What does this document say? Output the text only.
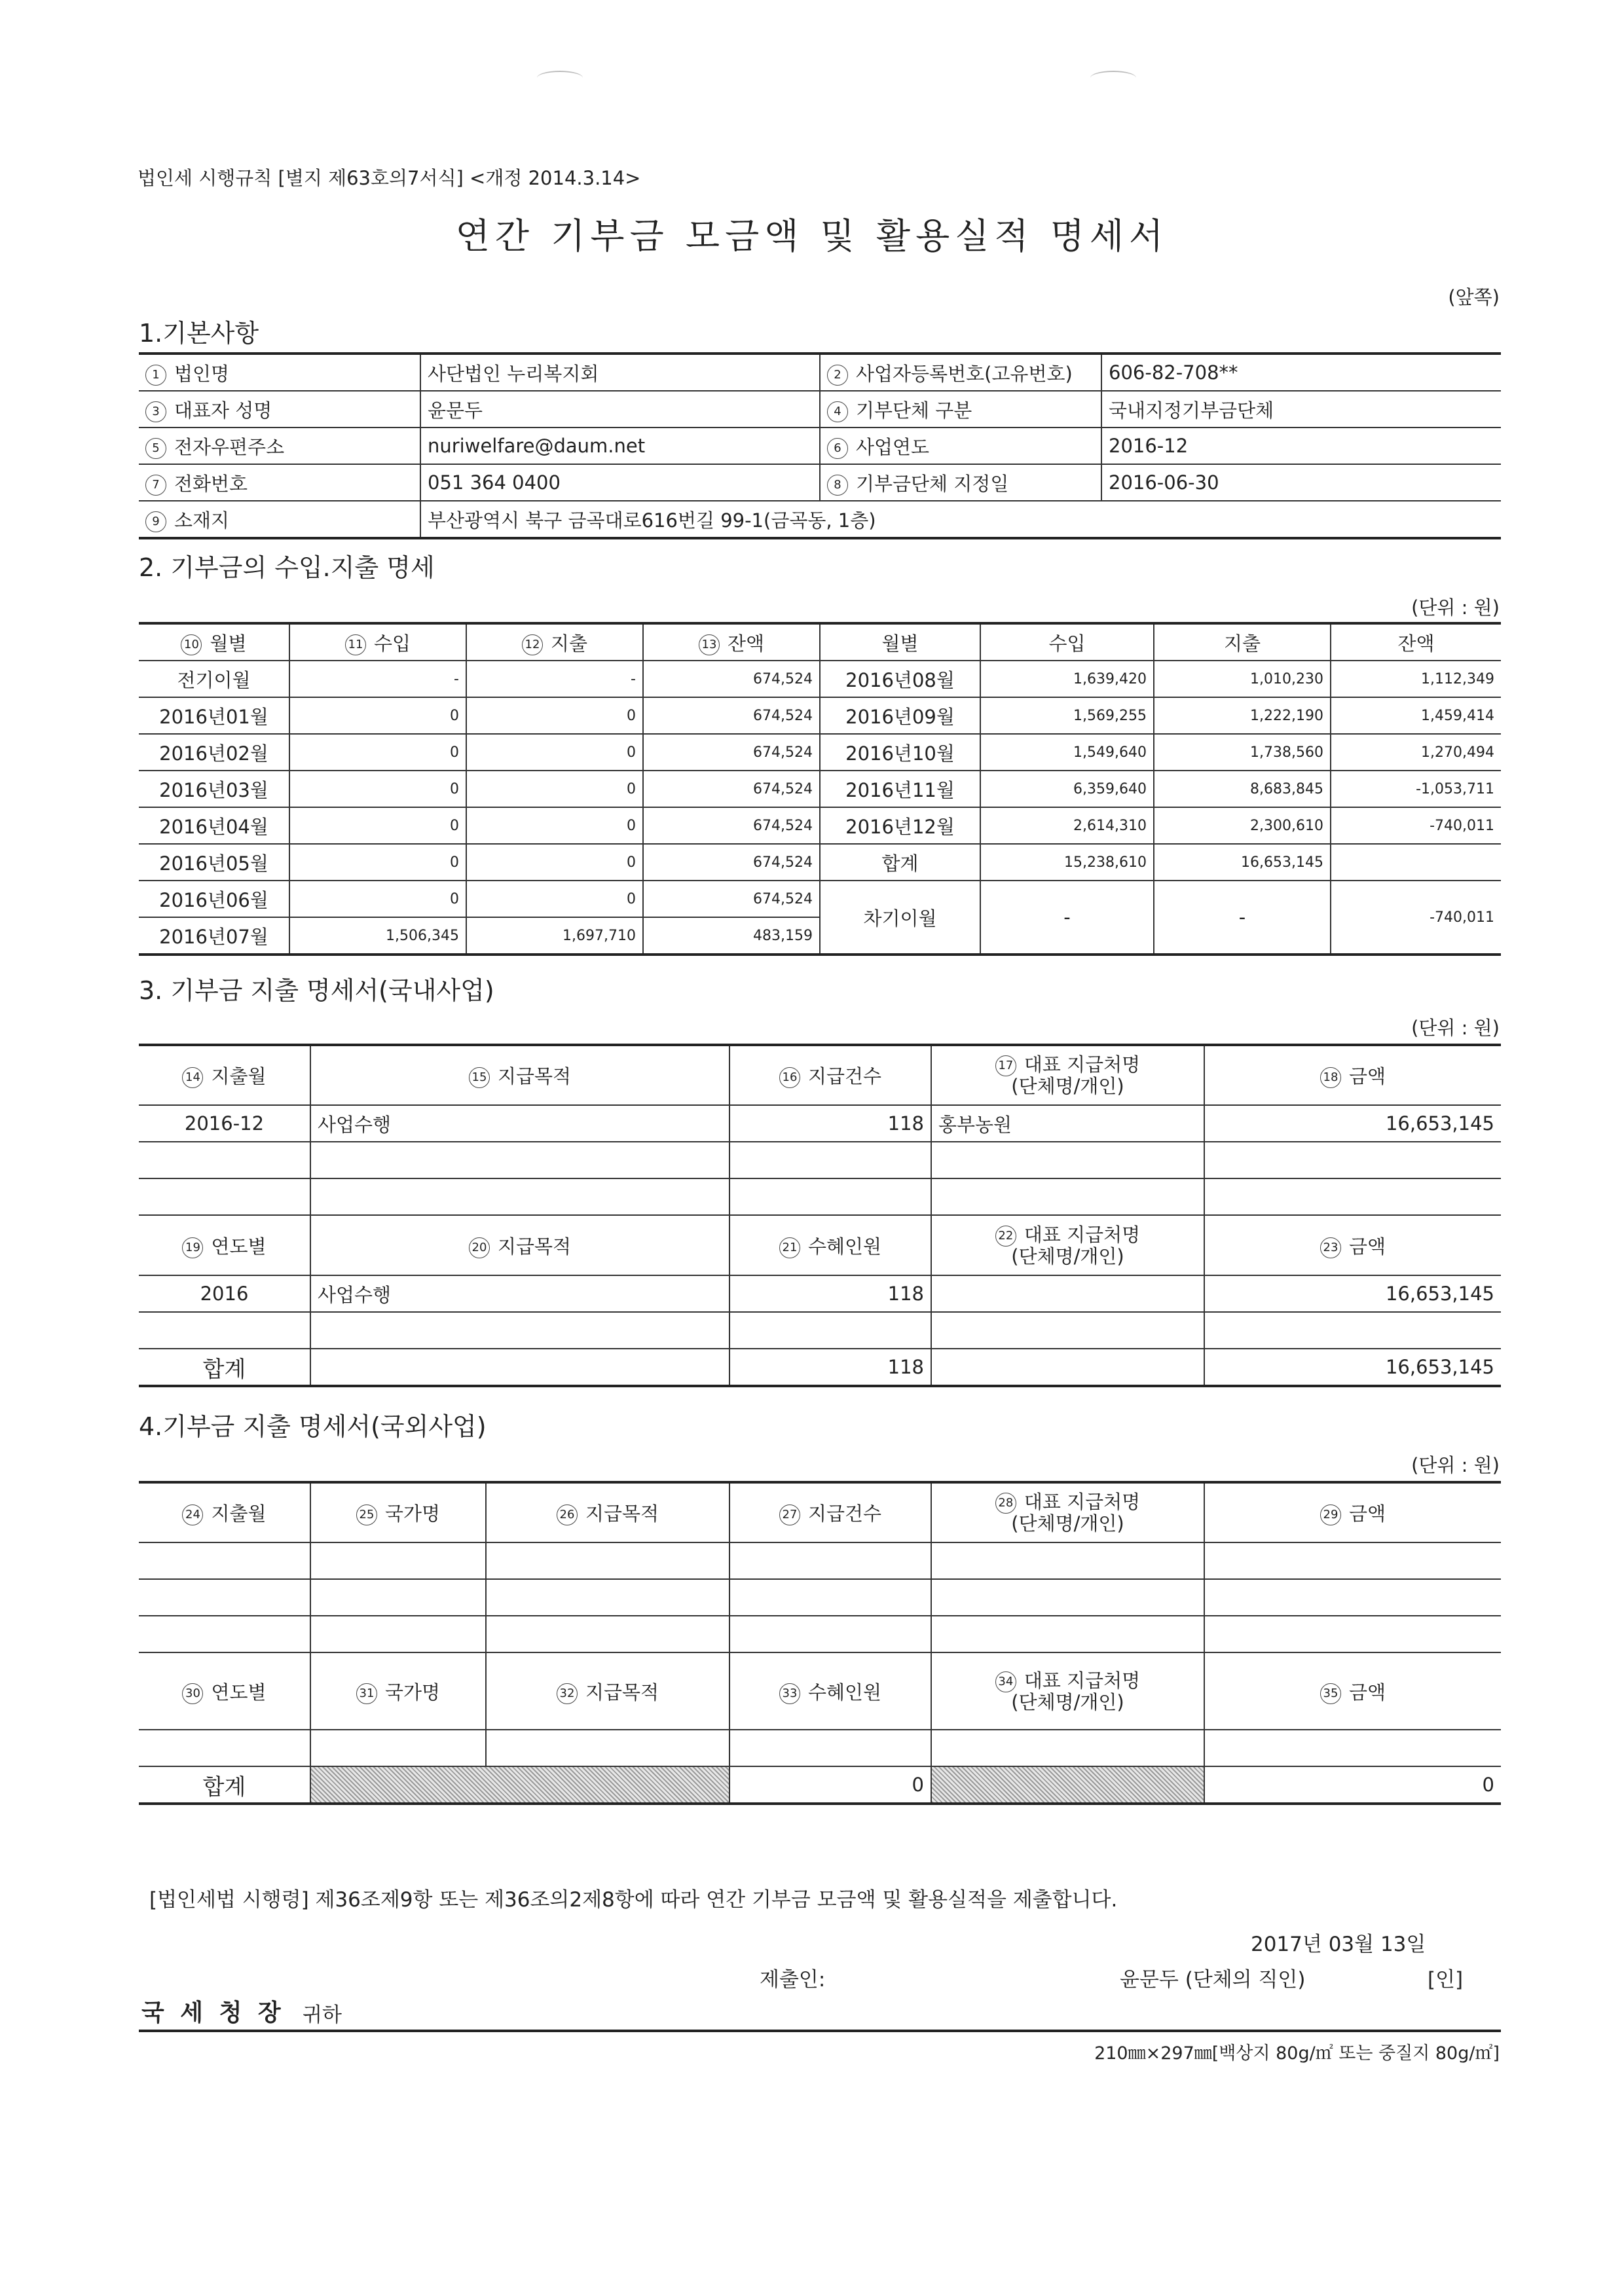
법인세 시행규칙 [별지 제63호의7서식] <개정 2014.3.14>
연간 기부금 모금액 및 활용실적 명세서
(앞쪽)
1.기본사항
1 법인명	사단법인 누리복지회	2 사업자등록번호(고유번호)	606-82-708**
3 대표자 성명	윤문두	4 기부단체 구분	국내지정기부금단체
5 전자우편주소	nuriwelfare@daum.net	6 사업연도	2016-12
7 전화번호	051 364 0400	8 기부금단체 지정일	2016-06-30
9 소재지	부산광역시 북구 금곡대로616번길 99-1(금곡동, 1층)		
2. 기부금의 수입.지출 명세
(단위 : 원)
10 월별	11 수입	12 지출	13 잔액	월별	수입	지출	잔액
전기이월	-	-	674,524	2016년08월	1,639,420	1,010,230	1,112,349
2016년01월	0	0	674,524	2016년09월	1,569,255	1,222,190	1,459,414
2016년02월	0	0	674,524	2016년10월	1,549,640	1,738,560	1,270,494
2016년03월	0	0	674,524	2016년11월	6,359,640	8,683,845	-1,053,711
2016년04월	0	0	674,524	2016년12월	2,614,310	2,300,610	-740,011
2016년05월	0	0	674,524	합계	15,238,610	16,653,145	
2016년06월	0	0	674,524	차기이월	-	-	-740,011
2016년07월	1,506,345	1,697,710	483,159				
3. 기부금 지출 명세서(국내사업)
(단위 : 원)
14 지출월	15 지급목적	16 지급건수	17 대표 지급처명
(단체명/개인)	18 금액
2016-12	사업수행	118	홍부농원	16,653,145

19 연도별	20 지급목적	21 수혜인원	22 대표 지급처명
(단체명/개인)	23 금액
2016	사업수행	118		16,653,145

합계		118		16,653,145
4.기부금 지출 명세서(국외사업)
(단위 : 원)
24 지출월	25 국가명	26 지급목적	27 지급건수	28 대표 지급처명
(단체명/개인)	29 금액

30 연도별	31 국가명	32 지급목적	33 수혜인원	34 대표 지급처명
(단체명/개인)	35 금액

합계			0		0
[법인세법 시행령] 제36조제9항 또는 제36조의2제8항에 따라 연간 기부금 모금액 및 활용실적을 제출합니다.
2017년 03월 13일
제출인:	윤문두 (단체의 직인)	[인]
국 세 청 장 귀하
210㎜×297㎜[백상지 80g/㎡ 또는 중질지 80g/㎡]
